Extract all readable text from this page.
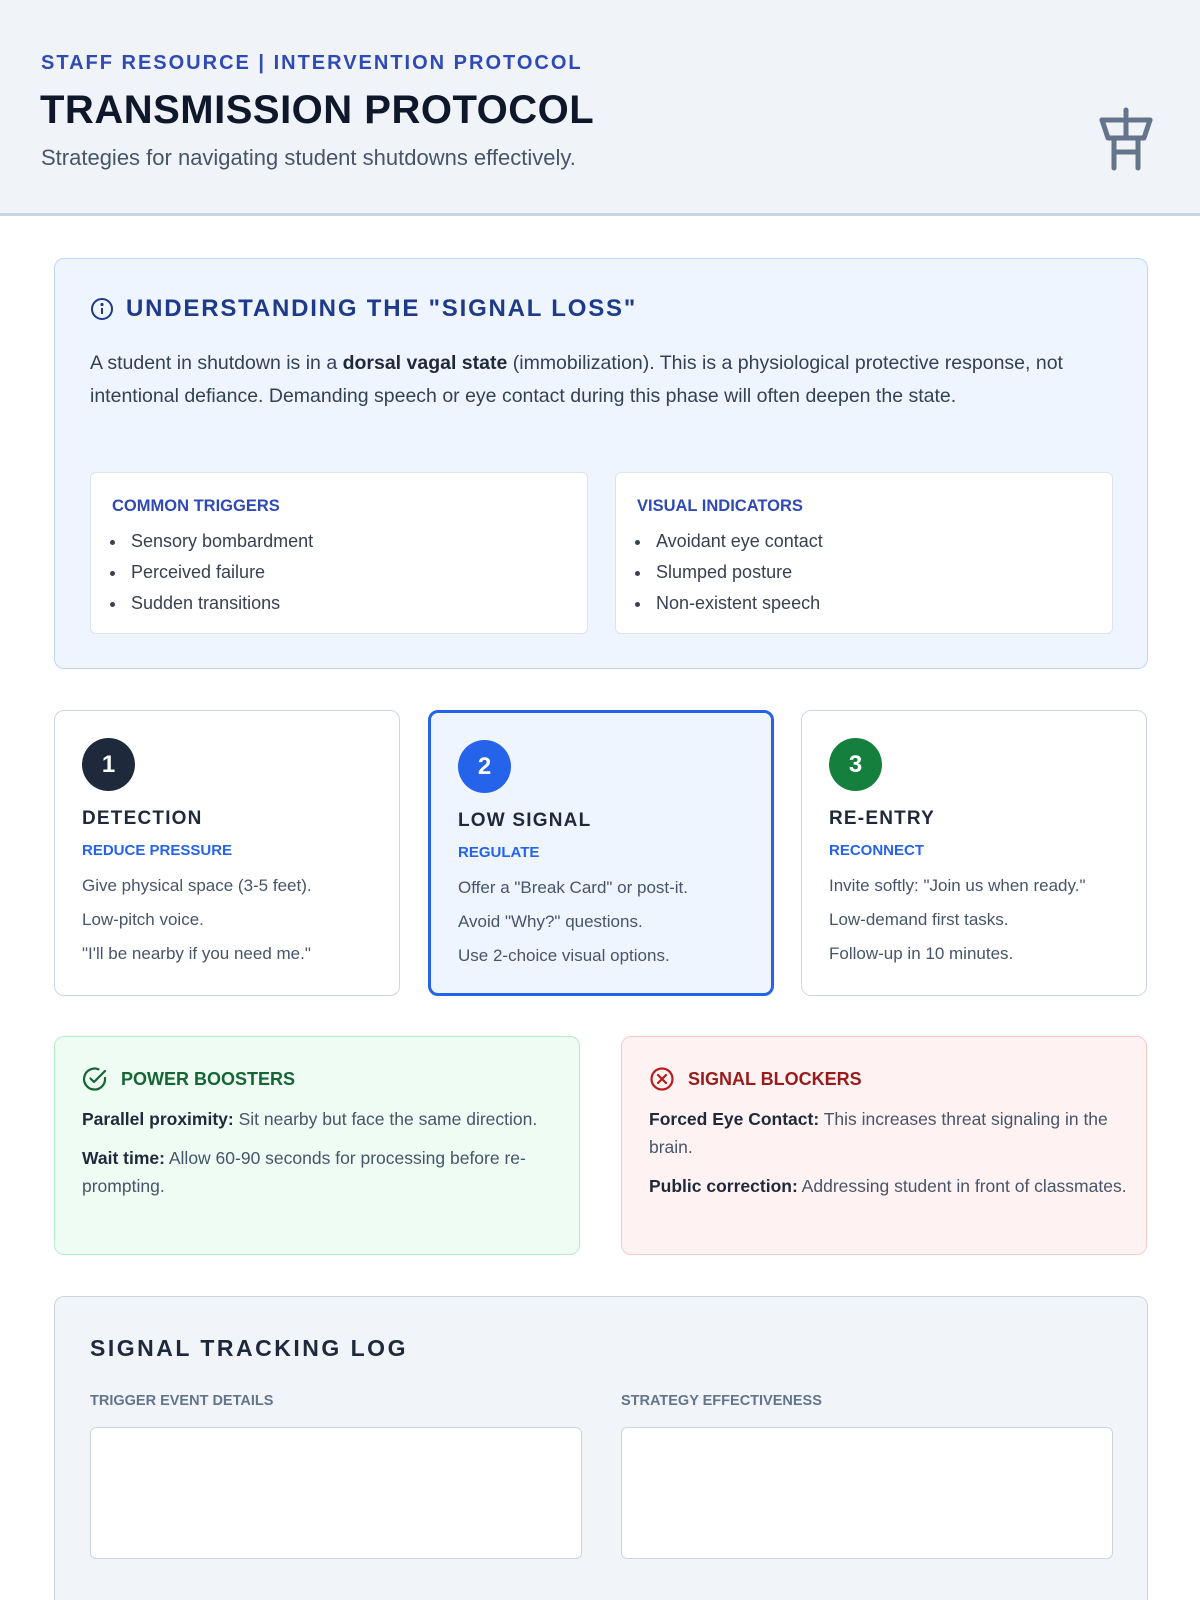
STAFF RESOURCE | INTERVENTION PROTOCOL
TRANSMISSION PROTOCOL
Strategies for navigating student shutdowns effectively.
UNDERSTANDING THE "SIGNAL LOSS"

A student in shutdown is in a dorsal vagal state (immobilization). This is a physiological protective response, not intentional defiance. Demanding speech or eye contact during this phase will often deepen the state.

COMMON TRIGGERS
Sensory bombardment
Perceived failure
Sudden transitions
VISUAL INDICATORS
Avoidant eye contact
Slumped posture
Non-existent speech
1
DETECTION
REDUCE PRESSURE
Give physical space (3-5 feet).
Low-pitch voice.
"I'll be nearby if you need me."
2
LOW SIGNAL
REGULATE
Offer a "Break Card" or post-it.
Avoid "Why?" questions.
Use 2-choice visual options.
3
RE-ENTRY
RECONNECT
Invite softly: "Join us when ready."
Low-demand first tasks.
Follow-up in 10 minutes.
POWER BOOSTERS

Parallel proximity: Sit nearby but face the same direction.

Wait time: Allow 60-90 seconds for processing before re-prompting.

SIGNAL BLOCKERS

Forced Eye Contact: This increases threat signaling in the brain.

Public correction: Addressing student in front of classmates.

SIGNAL TRACKING LOG
TRIGGER EVENT DETAILS	STRATEGY EFFECTIVENESS
